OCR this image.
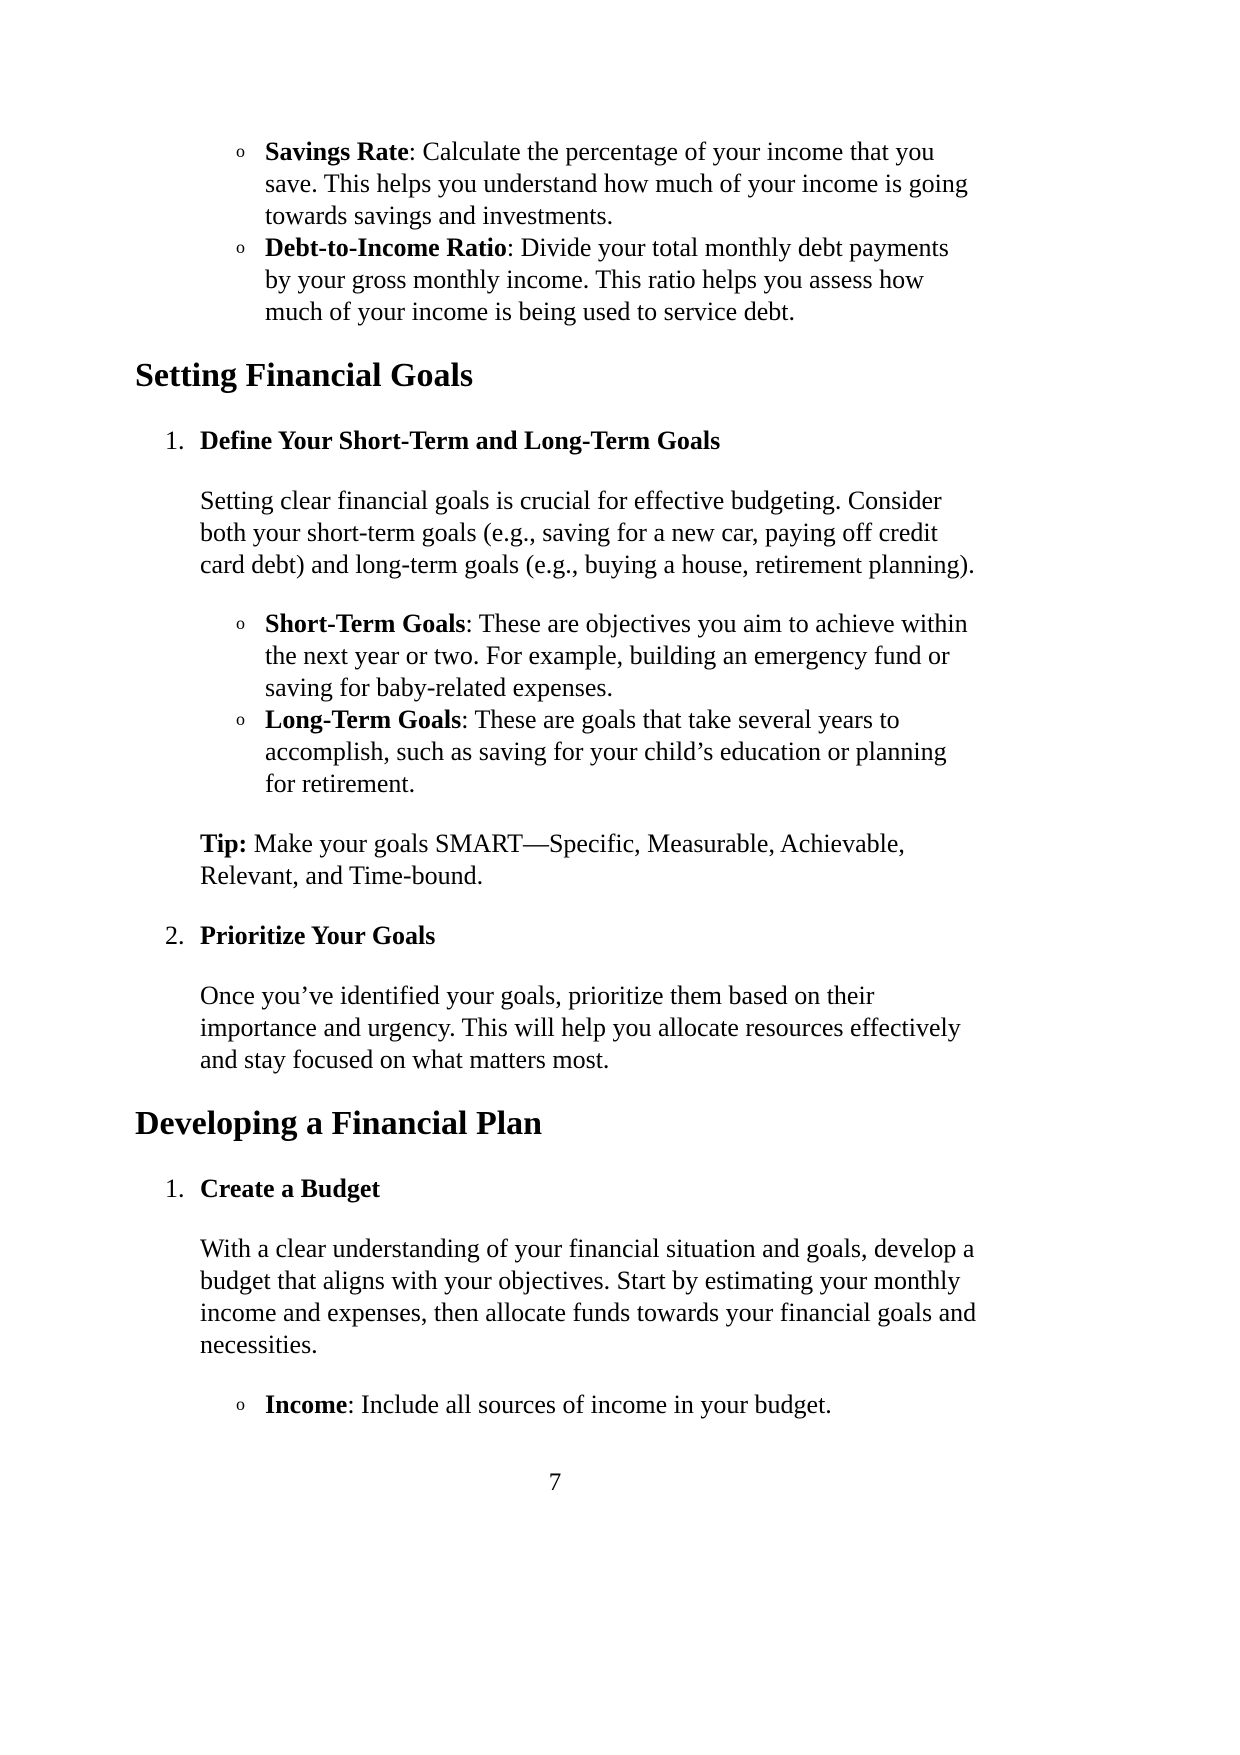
o Savings Rate: Calculate the percentage of your income that you save. This helps you understand how much of your income is going towards savings and investments.
o Debt-to-Income Ratio: Divide your total monthly debt payments by your gross monthly income. This ratio helps you assess how much of your income is being used to service debt.
Setting Financial Goals
1. Define Your Short-Term and Long-Term Goals

Setting clear financial goals is crucial for effective budgeting. Consider both your short-term goals (e.g., saving for a new car, paying off credit card debt) and long-term goals (e.g., buying a house, retirement planning).

o Short-Term Goals: These are objectives you aim to achieve within the next year or two. For example, building an emergency fund or saving for baby-related expenses.
o Long-Term Goals: These are goals that take several years to accomplish, such as saving for your child’s education or planning for retirement.

Tip: Make your goals SMART—Specific, Measurable, Achievable, Relevant, and Time-bound.

2. Prioritize Your Goals

Once you’ve identified your goals, prioritize them based on their importance and urgency. This will help you allocate resources effectively and stay focused on what matters most.

Developing a Financial Plan
1. Create a Budget

With a clear understanding of your financial situation and goals, develop a budget that aligns with your objectives. Start by estimating your monthly income and expenses, then allocate funds towards your financial goals and necessities.

o Income: Include all sources of income in your budget.
7
